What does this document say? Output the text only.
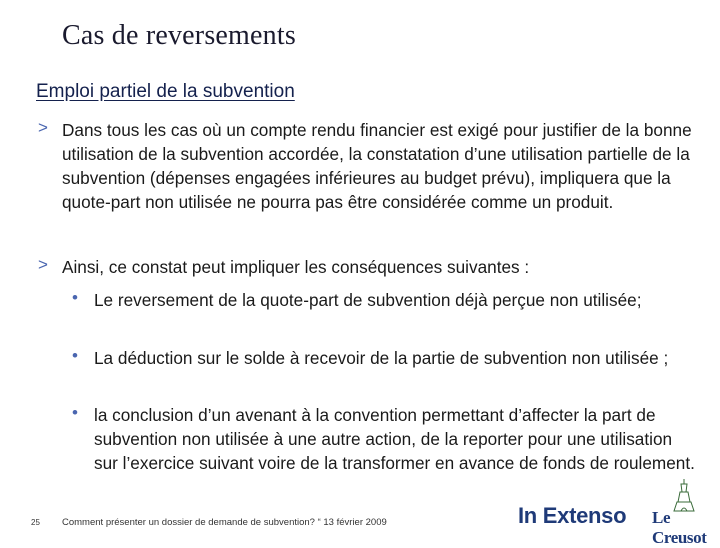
Cas de reversements
Emploi partiel de la subvention
> Dans tous les cas où un compte rendu financier est exigé pour justifier de la bonne utilisation de la subvention accordée, la constatation d’une utilisation partielle de la subvention (dépenses engagées inférieures au budget prévu), impliquera que la quote-part non utilisée ne pourra pas être considérée comme un produit.
> Ainsi, ce constat peut impliquer les conséquences suivantes :
• Le reversement de la quote-part de subvention déjà perçue non utilisée;
• La déduction sur le solde à recevoir de la partie de subvention non utilisée ;
• la conclusion d’un avenant à la convention permettant d’affecter la part de subvention non utilisée à une autre action, de la reporter pour une utilisation sur l’exercice suivant voire de la transformer en avance de fonds de roulement.
25 Comment présenter un dossier de demande de subvention? “ 13 février 2009	In Extenso Le Creusot
